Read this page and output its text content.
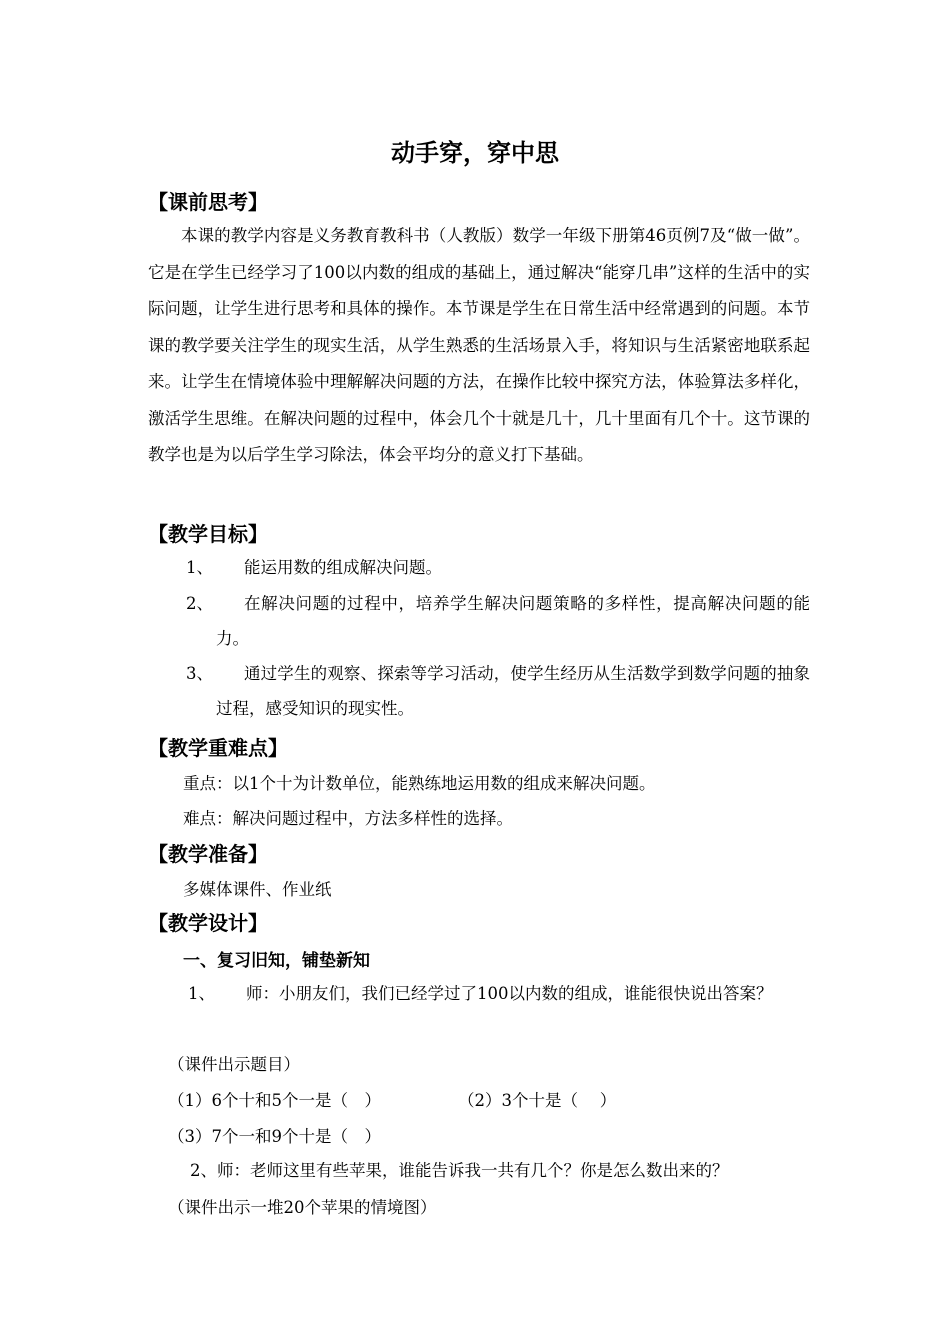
动手穿，穿中思
【课前思考】
本课的教学内容是义务教育教科书（人教版）数学一年级下册第46页例7及“做一做”。它是在学生已经学习了100以内数的组成的基础上，通过解决“能穿几串”这样的生活中的实际问题，让学生进行思考和具体的操作。本节课是学生在日常生活中经常遇到的问题。本节课的教学要关注学生的现实生活，从学生熟悉的生活场景入手，将知识与生活紧密地联系起来。让学生在情境体验中理解解决问题的方法，在操作比较中探究方法，体验算法多样化，激活学生思维。在解决问题的过程中，体会几个十就是几十，几十里面有几个十。这节课的教学也是为以后学生学习除法，体会平均分的意义打下基础。
【教学目标】
1、	能运用数的组成解决问题。
2、	在解决问题的过程中，培养学生解决问题策略的多样性，提高解决问题的能力。
3、	通过学生的观察、探索等学习活动，使学生经历从生活数学到数学问题的抽象过程，感受知识的现实性。
【教学重难点】
重点：以1个十为计数单位，能熟练地运用数的组成来解决问题。
难点：解决问题过程中，方法多样性的选择。
【教学准备】
多媒体课件、作业纸
【教学设计】
一、复习旧知，铺垫新知
1、	师：小朋友们，我们已经学过了100以内数的组成，谁能很快说出答案？
（课件出示题目）
（1）6个十和5个一是（　）	（2）3个十是（　 ）
（3）7个一和9个十是（　）
2、师：老师这里有些苹果，谁能告诉我一共有几个？你是怎么数出来的？
（课件出示一堆20个苹果的情境图）
